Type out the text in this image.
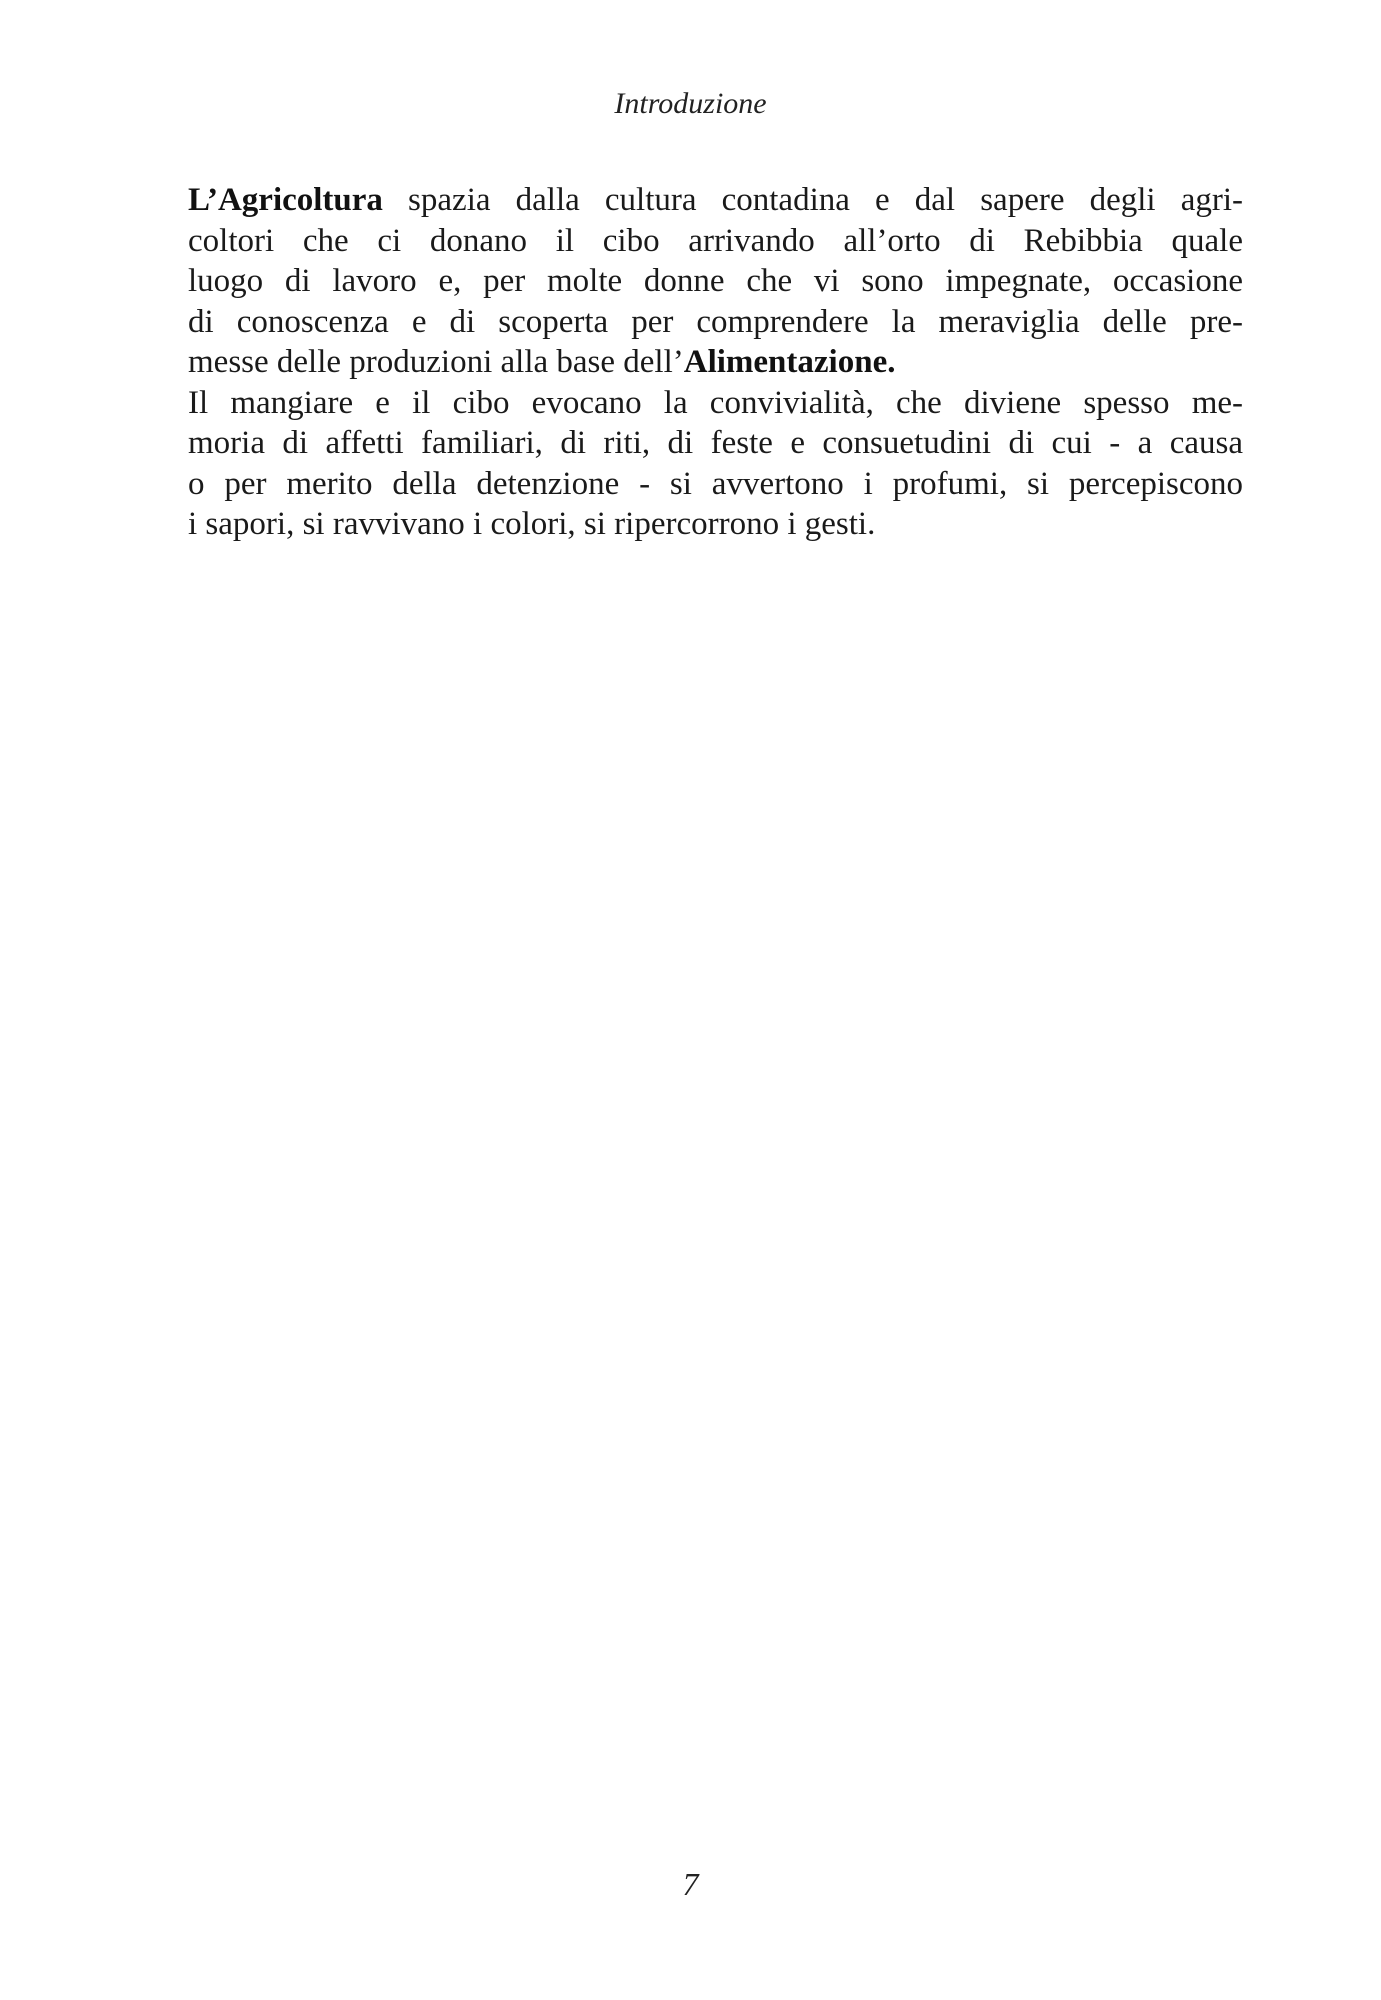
Introduzione
L’Agricoltura spazia dalla cultura contadina e dal sapere degli agri-
coltori che ci donano il cibo arrivando all’orto di Rebibbia quale
luogo di lavoro e, per molte donne che vi sono impegnate, occasione
di conoscenza e di scoperta per comprendere la meraviglia delle pre-
messe delle produzioni alla base dell’Alimentazione.
Il mangiare e il cibo evocano la convivialità, che diviene spesso me-
moria di affetti familiari, di riti, di feste e consuetudini di cui - a causa
o per merito della detenzione - si avvertono i profumi, si percepiscono
i sapori, si ravvivano i colori, si ripercorrono i gesti.
7
